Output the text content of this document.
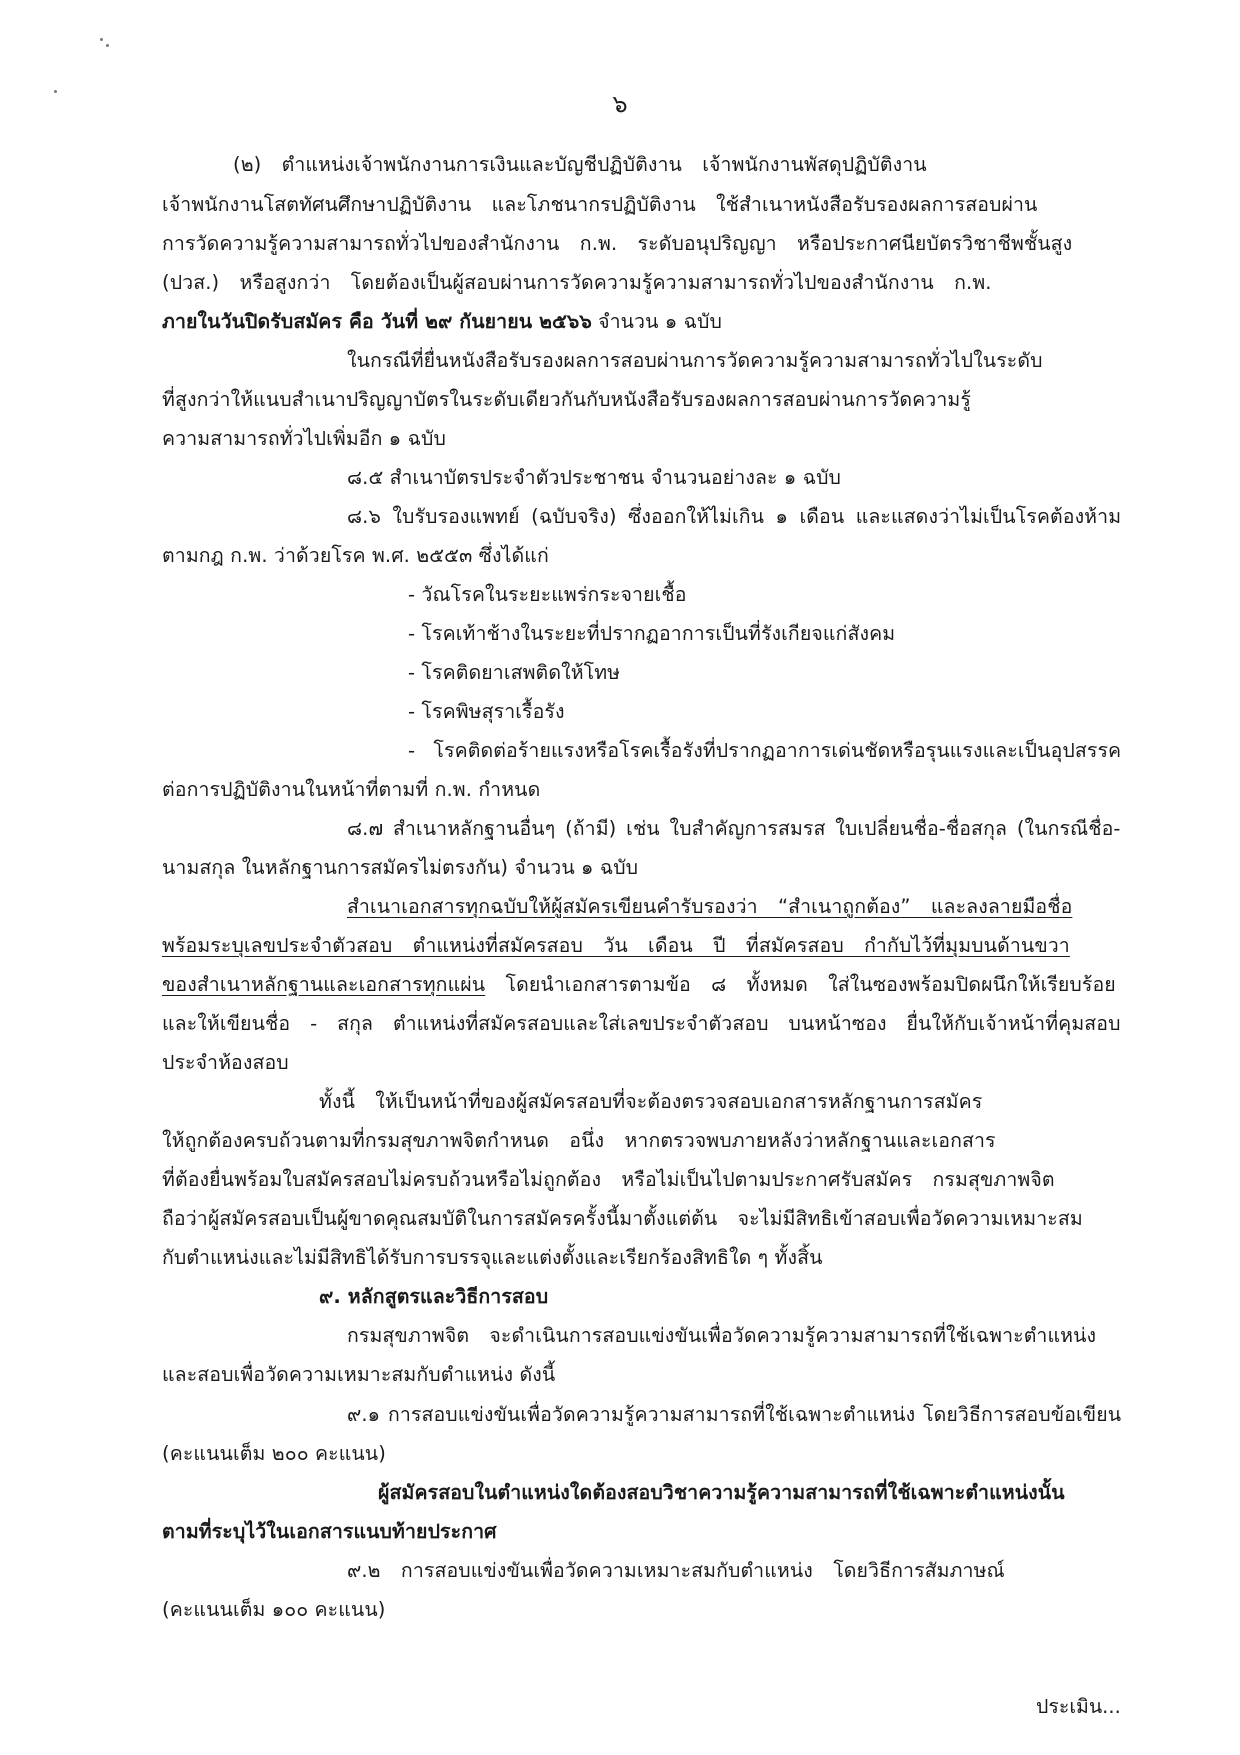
๖
(๒) ตำแหน่งเจ้าพนักงานการเงินและบัญชีปฏิบัติงาน เจ้าพนักงานพัสดุปฏิบัติงาน
เจ้าพนักงานโสตทัศนศึกษาปฏิบัติงาน และโภชนากรปฏิบัติงาน ใช้สำเนาหนังสือรับรองผลการสอบผ่าน
การวัดความรู้ความสามารถทั่วไปของสำนักงาน ก.พ. ระดับอนุปริญญา หรือประกาศนียบัตรวิชาชีพชั้นสูง
(ปวส.) หรือสูงกว่า โดยต้องเป็นผู้สอบผ่านการวัดความรู้ความสามารถทั่วไปของสำนักงาน ก.พ.
ภายในวันปิดรับสมัคร คือ วันที่ ๒๙ กันยายน ๒๕๖๖ จำนวน ๑ ฉบับ
ในกรณีที่ยื่นหนังสือรับรองผลการสอบผ่านการวัดความรู้ความสามารถทั่วไปในระดับ
ที่สูงกว่าให้แนบสำเนาปริญญาบัตรในระดับเดียวกันกับหนังสือรับรองผลการสอบผ่านการวัดความรู้
ความสามารถทั่วไปเพิ่มอีก ๑ ฉบับ
๘.๕ สำเนาบัตรประจำตัวประชาชน จำนวนอย่างละ ๑ ฉบับ
๘.๖ ใบรับรองแพทย์ (ฉบับจริง) ซึ่งออกให้ไม่เกิน ๑ เดือน และแสดงว่าไม่เป็นโรคต้องห้าม
ตามกฎ ก.พ. ว่าด้วยโรค พ.ศ. ๒๕๕๓ ซึ่งได้แก่
- วัณโรคในระยะแพร่กระจายเชื้อ
- โรคเท้าช้างในระยะที่ปรากฏอาการเป็นที่รังเกียจแก่สังคม
- โรคติดยาเสพติดให้โทษ
- โรคพิษสุราเรื้อรัง
- โรคติดต่อร้ายแรงหรือโรคเรื้อรังที่ปรากฏอาการเด่นชัดหรือรุนแรงและเป็นอุปสรรค
ต่อการปฏิบัติงานในหน้าที่ตามที่ ก.พ. กำหนด
๘.๗ สำเนาหลักฐานอื่นๆ (ถ้ามี) เช่น ใบสำคัญการสมรส ใบเปลี่ยนชื่อ-ชื่อสกุล (ในกรณีชื่อ-
นามสกุล ในหลักฐานการสมัครไม่ตรงกัน) จำนวน ๑ ฉบับ
สำเนาเอกสารทุกฉบับให้ผู้สมัครเขียนคำรับรองว่า “สำเนาถูกต้อง” และลงลายมือชื่อ
พร้อมระบุเลขประจำตัวสอบ ตำแหน่งที่สมัครสอบ วัน เดือน ปี ที่สมัครสอบ กำกับไว้ที่มุมบนด้านขวา
ของสำเนาหลักฐานและเอกสารทุกแผ่น โดยนำเอกสารตามข้อ ๘ ทั้งหมด ใส่ในซองพร้อมปิดผนึกให้เรียบร้อย
และให้เขียนชื่อ - สกุล ตำแหน่งที่สมัครสอบและใส่เลขประจำตัวสอบ บนหน้าซอง ยื่นให้กับเจ้าหน้าที่คุมสอบ
ประจำห้องสอบ
ทั้งนี้ ให้เป็นหน้าที่ของผู้สมัครสอบที่จะต้องตรวจสอบเอกสารหลักฐานการสมัคร
ให้ถูกต้องครบถ้วนตามที่กรมสุขภาพจิตกำหนด อนึ่ง หากตรวจพบภายหลังว่าหลักฐานและเอกสาร
ที่ต้องยื่นพร้อมใบสมัครสอบไม่ครบถ้วนหรือไม่ถูกต้อง หรือไม่เป็นไปตามประกาศรับสมัคร กรมสุขภาพจิต
ถือว่าผู้สมัครสอบเป็นผู้ขาดคุณสมบัติในการสมัครครั้งนี้มาตั้งแต่ต้น จะไม่มีสิทธิเข้าสอบเพื่อวัดความเหมาะสม
กับตำแหน่งและไม่มีสิทธิได้รับการบรรจุและแต่งตั้งและเรียกร้องสิทธิใด ๆ ทั้งสิ้น
๙. หลักสูตรและวิธีการสอบ
กรมสุขภาพจิต จะดำเนินการสอบแข่งขันเพื่อวัดความรู้ความสามารถที่ใช้เฉพาะตำแหน่ง
และสอบเพื่อวัดความเหมาะสมกับตำแหน่ง ดังนี้
๙.๑ การสอบแข่งขันเพื่อวัดความรู้ความสามารถที่ใช้เฉพาะตำแหน่ง โดยวิธีการสอบข้อเขียน
(คะแนนเต็ม ๒๐๐ คะแนน)
ผู้สมัครสอบในตำแหน่งใดต้องสอบวิชาความรู้ความสามารถที่ใช้เฉพาะตำแหน่งนั้น
ตามที่ระบุไว้ในเอกสารแนบท้ายประกาศ
๙.๒ การสอบแข่งขันเพื่อวัดความเหมาะสมกับตำแหน่ง โดยวิธีการสัมภาษณ์
(คะแนนเต็ม ๑๐๐ คะแนน)
ประเมิน...
